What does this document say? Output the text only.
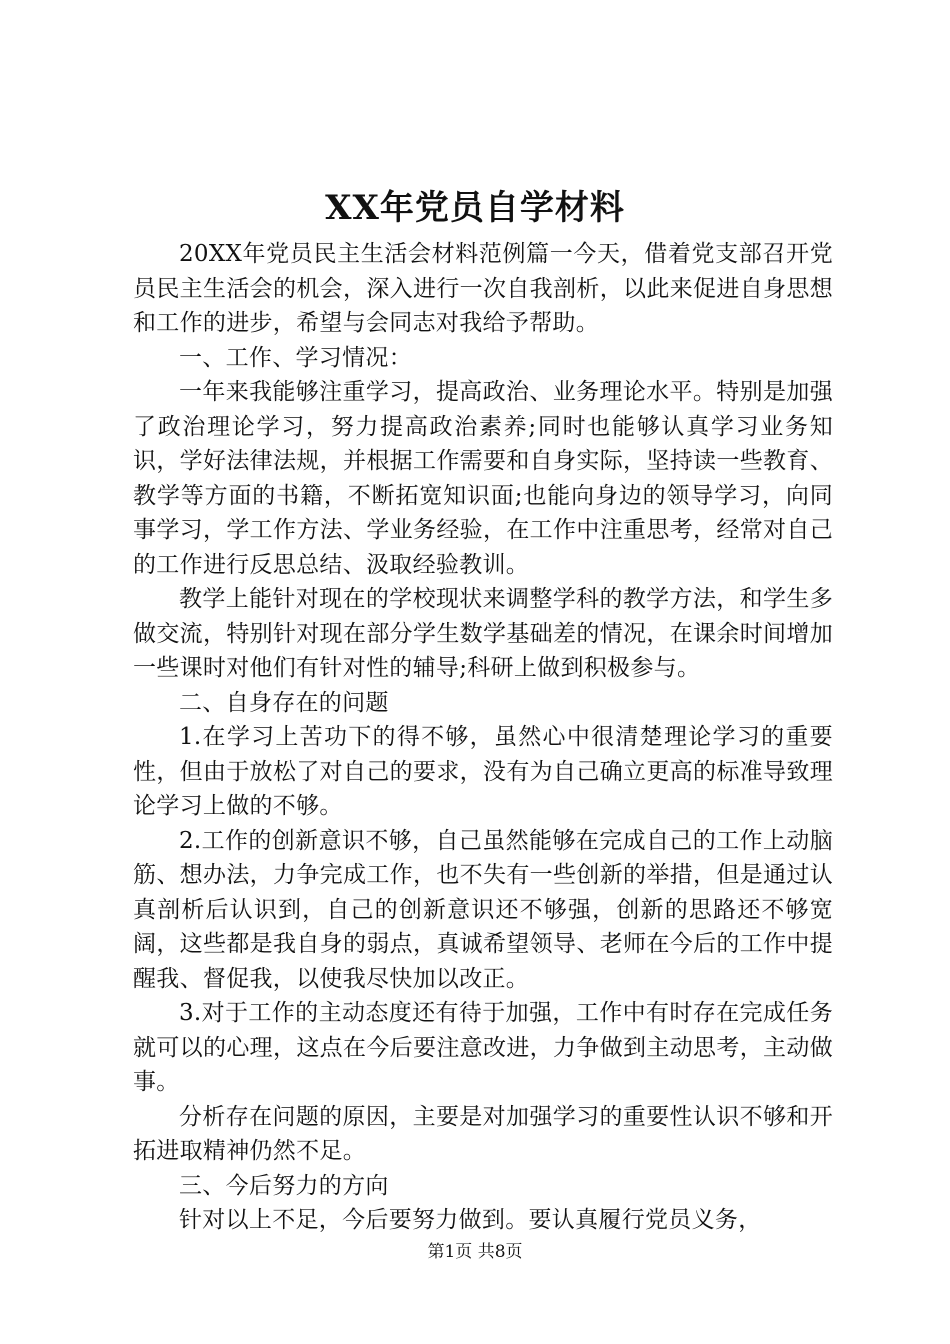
XX年党员自学材料

20XX年党员民主生活会材料范例篇一今天，借着党支部召开党员民主生活会的机会，深入进行一次自我剖析，以此来促进自身思想和工作的进步，希望与会同志对我给予帮助。

一、工作、学习情况：

一年来我能够注重学习，提高政治、业务理论水平。特别是加强了政治理论学习，努力提高政治素养;同时也能够认真学习业务知识，学好法律法规，并根据工作需要和自身实际，坚持读一些教育、教学等方面的书籍，不断拓宽知识面;也能向身边的领导学习，向同事学习，学工作方法、学业务经验，在工作中注重思考，经常对自己的工作进行反思总结、汲取经验教训。

教学上能针对现在的学校现状来调整学科的教学方法，和学生多做交流，特别针对现在部分学生数学基础差的情况，在课余时间增加一些课时对他们有针对性的辅导;科研上做到积极参与。

二、自身存在的问题

1.在学习上苦功下的得不够，虽然心中很清楚理论学习的重要性，但由于放松了对自己的要求，没有为自己确立更高的标准导致理论学习上做的不够。

2.工作的创新意识不够，自己虽然能够在完成自己的工作上动脑筋、想办法，力争完成工作，也不失有一些创新的举措，但是通过认真剖析后认识到，自己的创新意识还不够强，创新的思路还不够宽阔，这些都是我自身的弱点，真诚希望领导、老师在今后的工作中提醒我、督促我，以使我尽快加以改正。

3.对于工作的主动态度还有待于加强，工作中有时存在完成任务就可以的心理，这点在今后要注意改进，力争做到主动思考，主动做事。

分析存在问题的原因，主要是对加强学习的重要性认识不够和开拓进取精神仍然不足。

三、今后努力的方向

针对以上不足，今后要努力做到。要认真履行党员义务，

第1页 共8页
